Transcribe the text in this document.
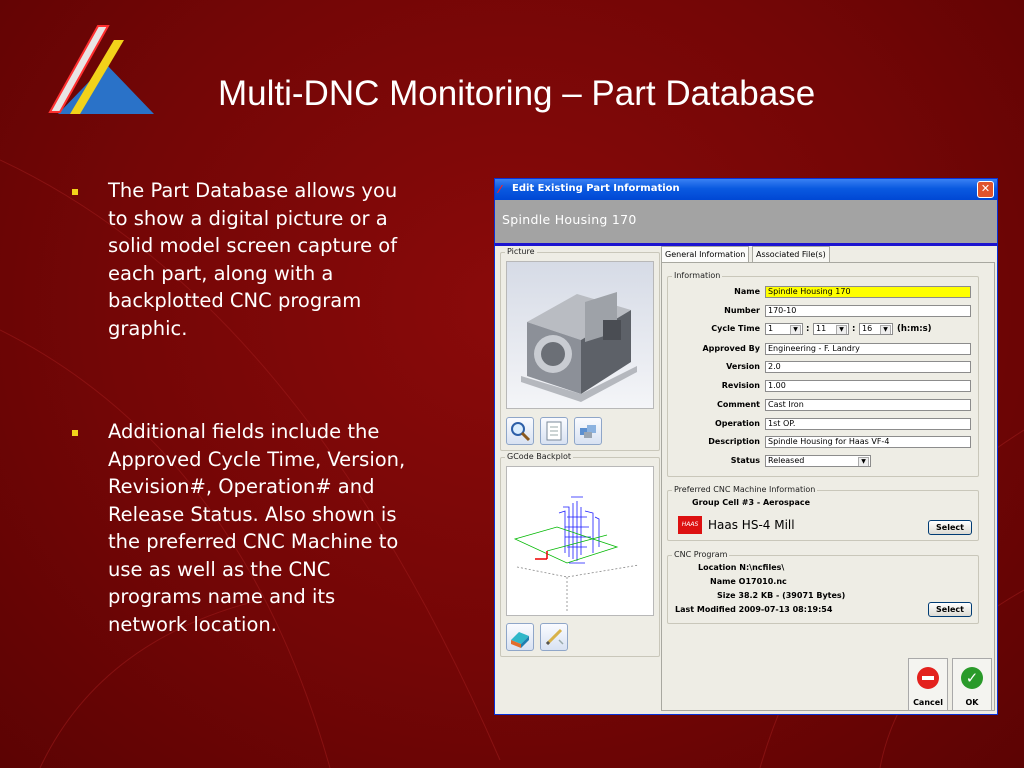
Multi-DNC Monitoring – Part Database
The Part Database allows you to show a digital picture or a solid model screen capture of each part, along with a backplotted CNC program graphic.
Additional fields include the Approved Cycle Time, Version, Revision#, Operation# and Release Status. Also shown is the preferred CNC Machine to use as well as the CNC programs name and its network location.
⁄ Edit Existing Part Information	✕
Spindle Housing 170
Picture
GCode Backplot
General Information	Associated File(s)
Information
Name	Spindle Housing 170
Number	170-10
Cycle Time	1	▼ : 11	▼ : 16	▼	(h:m:s)
Approved By	Engineering - F. Landry
Version	2.0
Revision	1.00
Comment	Cast Iron
Operation	1st OP.
Description	Spindle Housing for Haas VF-4
Status	Released	▼
Preferred CNC Machine Information
Group Cell #3 - Aerospace
HAAS Haas HS-4 Mill	Select
CNC Program
Location N:\ncfiles\
Name O17010.nc
Size 38.2 KB - (39071 Bytes)
Last Modified 2009-07-13 08:19:54	Select
Cancel
✓
OK
